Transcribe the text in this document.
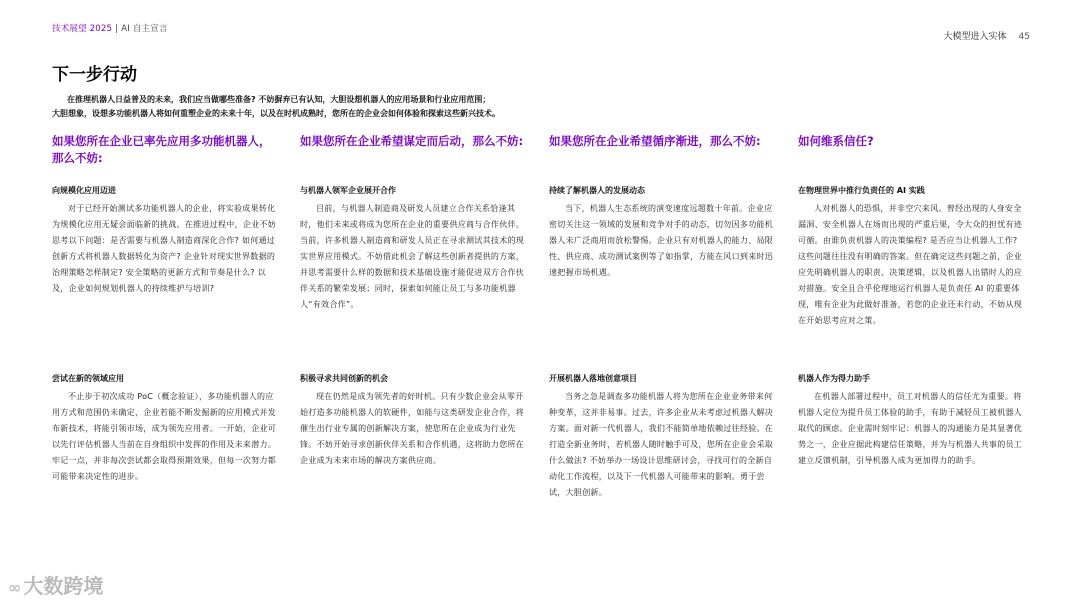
技术展望 2025 | AI 自主宣言
大模型进入实体 45
下一步行动
在推理机器人日益普及的未来，我们应当做哪些准备? 不妨摒弃已有认知，大胆设想机器人的应用场景和行业应用范围；
大胆想象，设想多功能机器人将如何重塑企业的未来十年，以及在时机成熟时，您所在的企业会如何体验和探索这些新兴技术。
如果您所在企业已率先应用多功能机器人，那么不妨:
向规模化应用迈进
对于已经开始测试多功能机器人的企业，将实验成果转化为规模化应用无疑会面临新的挑战。在推进过程中，企业不妨思考以下问题：是否需要与机器人制造商深化合作? 如何通过创新方式将机器人数据转化为资产? 企业针对现实世界数据的治理策略怎样制定? 安全策略的更新方式和节奏是什么? 以及，企业如何规划机器人的持续维护与培训?
尝试在新的领域应用
不止步于初次成功 PoC（概念验证），多功能机器人的应用方式和范围仍未确定，企业若能不断发掘新的应用模式并发布新技术，将能引领市场，成为领先应用者。一开始，企业可以先行评估机器人当前在自身组织中发挥的作用及未来潜力。牢记一点，并非每次尝试都会取得预期效果，但每一次努力都可能带来决定性的进步。
如果您所在企业希望谋定而后动，那么不妨:
与机器人领军企业展开合作
目前，与机器人制造商及研发人员建立合作关系恰逢其时，他们未来或将成为您所在企业的重要供应商与合作伙伴。当前，许多机器人制造商和研发人员正在寻求测试其技术的现实世界应用模式。不妨借此机会了解这些创新者提供的方案，并思考需要什么样的数据和技术基础设施才能促进双方合作伙伴关系的繁荣发展；同时，探索如何能让员工与多功能机器人“有效合作”。
积极寻求共同创新的机会
现在仍然是成为领先者的好时机。只有少数企业会从零开始打造多功能机器人的软硬件，如能与这类研发企业合作，将催生出行业专属的创新解决方案，使您所在企业成为行业先锋。不妨开始寻求创新伙伴关系和合作机遇，这将助力您所在企业成为未来市场的解决方案供应商。
如果您所在企业希望循序渐进，那么不妨:
持续了解机器人的发展动态
当下，机器人生态系统的演变速度远超数十年前。企业应密切关注这一领域的发展和竞争对手的动态，切勿因多功能机器人未广泛商用而放松警惕。企业只有对机器人的能力、局限性、供应商、成功测试案例等了如指掌，方能在风口到来时迅速把握市场机遇。
开展机器人落地创意项目
当务之急是调查多功能机器人将为您所在企业业务带来何种变革，这并非易事。过去，许多企业从未考虑过机器人解决方案。面对新一代机器人，我们不能简单地依赖过往经验。在打造全新业务时，若机器人随时触手可及，您所在企业会采取什么做法? 不妨举办一场设计思维研讨会，寻找可行的全新自动化工作流程，以及下一代机器人可能带来的影响。勇于尝试，大胆创新。
如何维系信任?
在物理世界中推行负责任的 AI 实践
人对机器人的恐惧，并非空穴来风。曾经出现的人身安全漏洞、安全机器人在场而出现的严重后果，令大众的担忧有迹可循。由谁负责机器人的决策编程? 是否应当让机器人工作? 这些问题往往没有明确的答案。但在确定这些问题之前，企业应先明确机器人的职责、决策逻辑，以及机器人出错时人的应对措施。安全且合乎伦理地运行机器人是负责任 AI 的重要体现，唯有企业为此做好准备，若您的企业还未行动，不妨从现在开始思考应对之策。
机器人作为得力助手
在机器人部署过程中，员工对机器人的信任尤为重要。将机器人定位为提升员工体验的助手，有助于减轻员工被机器人取代的顾虑。企业需时刻牢记：机器人的沟通能力是其显著优势之一，企业应据此构建信任策略，并为与机器人共事的员工建立反馈机制，引导机器人成为更加得力的助手。
∞ 大数跨境
